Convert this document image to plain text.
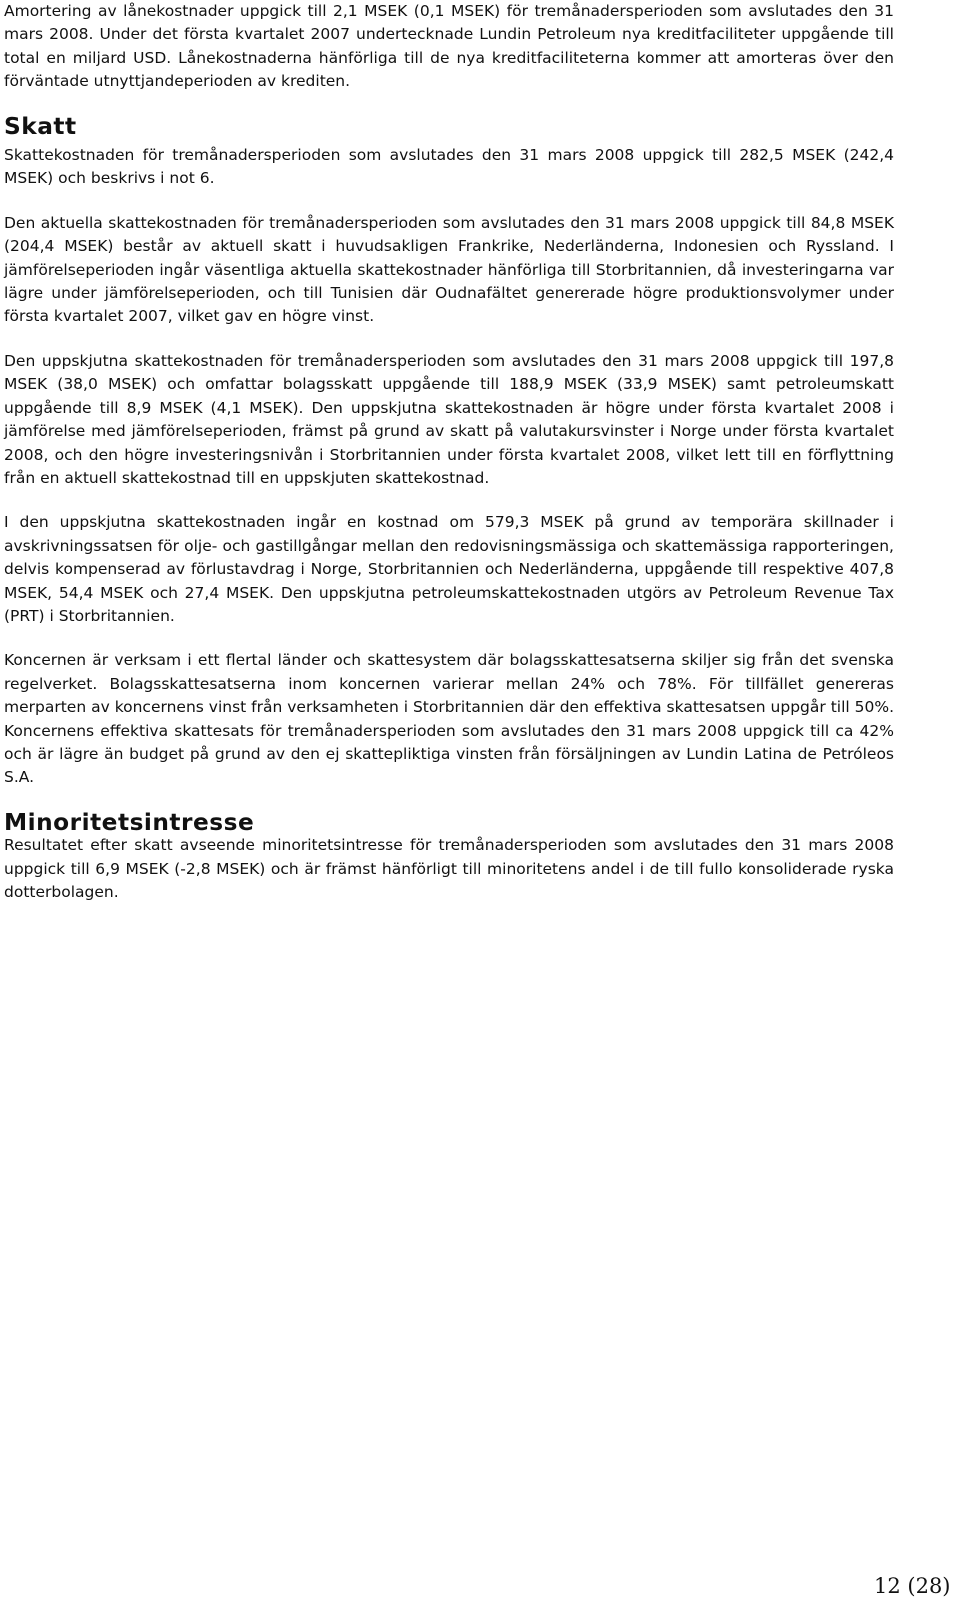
Amortering av lånekostnader uppgick till 2,1 MSEK (0,1 MSEK) för tremånadersperioden som avslutades den 31 mars 2008. Under det första kvartalet 2007 undertecknade Lundin Petroleum nya kreditfaciliteter uppgående till total en miljard USD. Lånekostnaderna hänförliga till de nya kreditfaciliteterna kommer att amorteras över den förväntade utnyttjandeperioden av krediten.

Skatt

Skattekostnaden för tremånadersperioden som avslutades den 31 mars 2008 uppgick till 282,5 MSEK (242,4 MSEK) och beskrivs i not 6.

Den aktuella skattekostnaden för tremånadersperioden som avslutades den 31 mars 2008 uppgick till 84,8 MSEK (204,4 MSEK) består av aktuell skatt i huvudsakligen Frankrike, Nederländerna, Indonesien och Ryssland. I jämförelseperioden ingår väsentliga aktuella skattekostnader hänförliga till Storbritannien, då investeringarna var lägre under jämförelseperioden, och till Tunisien där Oudnafältet genererade högre produktionsvolymer under första kvartalet 2007, vilket gav en högre vinst.

Den uppskjutna skattekostnaden för tremånadersperioden som avslutades den 31 mars 2008 uppgick till 197,8 MSEK (38,0 MSEK) och omfattar bolagsskatt uppgående till 188,9 MSEK (33,9 MSEK) samt petroleumskatt uppgående till 8,9 MSEK (4,1 MSEK). Den uppskjutna skattekostnaden är högre under första kvartalet 2008 i jämförelse med jämförelseperioden, främst på grund av skatt på valutakursvinster i Norge under första kvartalet 2008, och den högre investeringsnivån i Storbritannien under första kvartalet 2008, vilket lett till en förflyttning från en aktuell skattekostnad till en uppskjuten skattekostnad.

I den uppskjutna skattekostnaden ingår en kostnad om 579,3 MSEK på grund av temporära skillnader i avskrivningssatsen för olje- och gastillgångar mellan den redovisningsmässiga och skattemässiga rapporteringen, delvis kompenserad av förlustavdrag i Norge, Storbritannien och Nederländerna, uppgående till respektive 407,8 MSEK, 54,4 MSEK och 27,4 MSEK. Den uppskjutna petroleumskattekostnaden utgörs av Petroleum Revenue Tax (PRT) i Storbritannien.

Koncernen är verksam i ett flertal länder och skattesystem där bolagsskattesatserna skiljer sig från det svenska regelverket. Bolagsskattesatserna inom koncernen varierar mellan 24% och 78%. För tillfället genereras merparten av koncernens vinst från verksamheten i Storbritannien där den effektiva skattesatsen uppgår till 50%. Koncernens effektiva skattesats för tremånadersperioden som avslutades den 31 mars 2008 uppgick till ca 42% och är lägre än budget på grund av den ej skattepliktiga vinsten från försäljningen av Lundin Latina de Petróleos S.A.

Minoritetsintresse

Resultatet efter skatt avseende minoritetsintresse för tremånadersperioden som avslutades den 31 mars 2008 uppgick till 6,9 MSEK (-2,8 MSEK) och är främst hänförligt till minoritetens andel i de till fullo konsoliderade ryska dotterbolagen.

12 (28)
